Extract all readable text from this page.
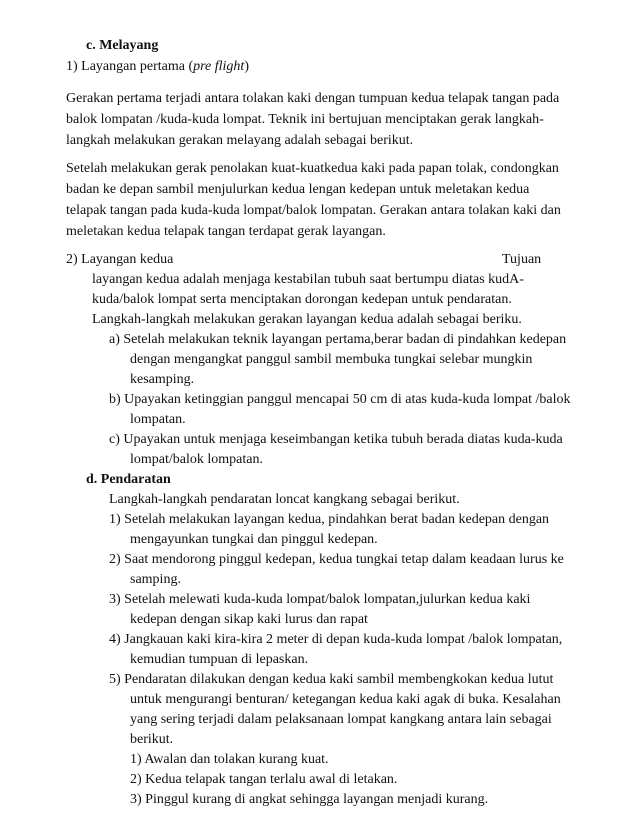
c. Melayang
1) Layangan pertama (pre flight)
Gerakan pertama terjadi antara tolakan kaki dengan tumpuan kedua telapak tangan pada
balok lompatan /kuda-kuda lompat. Teknik ini bertujuan menciptakan gerak langkah-
langkah melakukan gerakan melayang adalah sebagai berikut.
Setelah melakukan gerak penolakan kuat-kuatkedua kaki pada papan tolak, condongkan
badan ke depan sambil menjulurkan kedua lengan kedepan untuk meletakan kedua
telapak tangan pada kuda-kuda lompat/balok lompatan. Gerakan antara tolakan kaki dan
meletakan kedua telapak tangan terdapat gerak layangan.
2) Layangan kedua	Tujuan
layangan kedua adalah menjaga kestabilan tubuh saat bertumpu diatas kudA-
kuda/balok lompat serta menciptakan dorongan kedepan untuk pendaratan.
Langkah-langkah melakukan gerakan layangan kedua adalah sebagai beriku.
a) Setelah melakukan teknik layangan pertama,berar badan di pindahkan kedepan
dengan mengangkat panggul sambil membuka tungkai selebar mungkin
kesamping.
b) Upayakan ketinggian panggul mencapai 50 cm di atas kuda-kuda lompat /balok
lompatan.
c) Upayakan untuk menjaga keseimbangan ketika tubuh berada diatas kuda-kuda
lompat/balok lompatan.
d. Pendaratan
Langkah-langkah pendaratan loncat kangkang sebagai berikut.
1) Setelah melakukan layangan kedua, pindahkan berat badan kedepan dengan
mengayunkan tungkai dan pinggul kedepan.
2) Saat mendorong pinggul kedepan, kedua tungkai tetap dalam keadaan lurus ke
samping.
3) Setelah melewati kuda-kuda lompat/balok lompatan,julurkan kedua kaki
kedepan dengan sikap kaki lurus dan rapat
4) Jangkauan kaki kira-kira 2 meter di depan kuda-kuda lompat /balok lompatan,
kemudian tumpuan di lepaskan.
5) Pendaratan dilakukan dengan kedua kaki sambil membengkokan kedua lutut
untuk mengurangi benturan/ ketegangan kedua kaki agak di buka. Kesalahan
yang sering terjadi dalam pelaksanaan lompat kangkang antara lain sebagai
berikut.
1) Awalan dan tolakan kurang kuat.
2) Kedua telapak tangan terlalu awal di letakan.
3) Pinggul kurang di angkat sehingga layangan menjadi kurang.
